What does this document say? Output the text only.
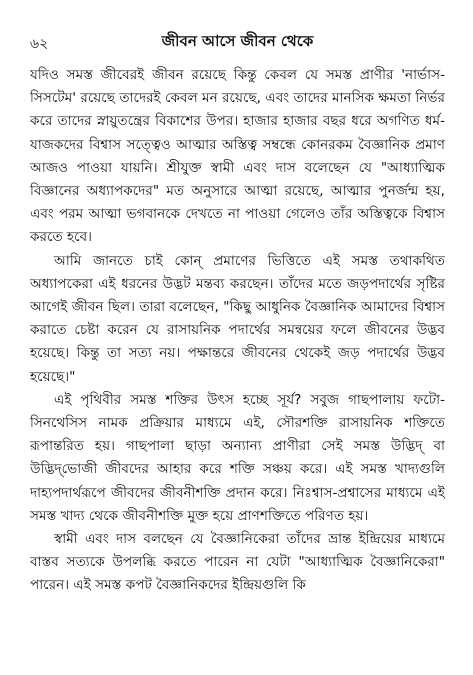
৬২	জীবন আসে জীবন থেকে

যদিও সমস্ত জীবেরই জীবন রয়েছে কিন্তু কেবল যে সমস্ত প্রাণীর 'নার্ভাস-সিসটেম' রয়েছে তাদেরই কেবল মন রয়েছে, এবং তাদের মানসিক ক্ষমতা নির্ভর করে তাদের স্নায়ুতন্ত্রের বিকাশের উপর। হাজার হাজার বছর ধরে অগণিত ধর্ম-যাজকদের বিশ্বাস সত্ত্বেও আত্মার অস্তিত্ব সম্বন্ধে কোনরকম বৈজ্ঞানিক প্রমাণ আজও পাওয়া যায়নি। শ্রীযুক্ত স্বামী এবং দাস বলেছেন যে "আধ্যাত্মিক বিজ্ঞানের অধ্যাপকদের" মত অনুসারে আত্মা রয়েছে, আত্মার পুনর্জন্ম হয়, এবং পরম আত্মা ভগবানকে দেখতে না পাওয়া গেলেও তাঁর অস্তিত্বকে বিশ্বাস করতে হবে।

আমি জানতে চাই কোন্ প্রমাণের ভিত্তিতে এই সমস্ত তথাকথিত অধ্যাপকেরা এই ধরনের উদ্ভট মন্তব্য করছেন। তাঁদের মতে জড়পদার্থের সৃষ্টির আগেই জীবন ছিল। তারা বলেছেন, "কিছু আধুনিক বৈজ্ঞানিক আমাদের বিশ্বাস করাতে চেষ্টা করেন যে রাসায়নিক পদার্থের সমন্বয়ের ফলে জীবনের উদ্ভব হয়েছে। কিন্তু তা সত্য নয়। পক্ষান্তরে জীবনের থেকেই জড় পদার্থের উদ্ভব হয়েছে।"

এই পৃথিবীর সমস্ত শক্তির উৎস হচ্ছে সূর্য? সবুজ গাছপালায় ফটো-সিনথেসিস নামক প্রক্রিয়ার মাধ্যমে এই, সৌরশক্তি রাসায়নিক শক্তিতে রূপান্তরিত হয়। গাছপালা ছাড়া অন্যান্য প্রাণীরা সেই সমস্ত উদ্ভিদ্ বা উদ্ভিদ্‌ভোজী জীবদের আহার করে শক্তি সঞ্চয় করে। এই সমস্ত খাদ্যগুলি দাহ্যপদার্থরূপে জীবদের জীবনীশক্তি প্রদান করে। নিঃশ্বাস-প্রশ্বাসের মাধ্যমে এই সমস্ত খাদ্য থেকে জীবনীশক্তি মুক্ত হয়ে প্রাণশক্তিতে পরিণত হয়।

স্বামী এবং দাস বলছেন যে বৈজ্ঞানিকেরা তাঁদের ভ্রান্ত ইন্দ্রিয়ের মাধ্যমে বাস্তব সত্যকে উপলব্ধি করতে পারেন না যেটা "আধ্যাত্মিক বৈজ্ঞানিকেরা" পারেন। এই সমস্ত কপট বৈজ্ঞানিকদের ইন্দ্রিয়গুলি কি
